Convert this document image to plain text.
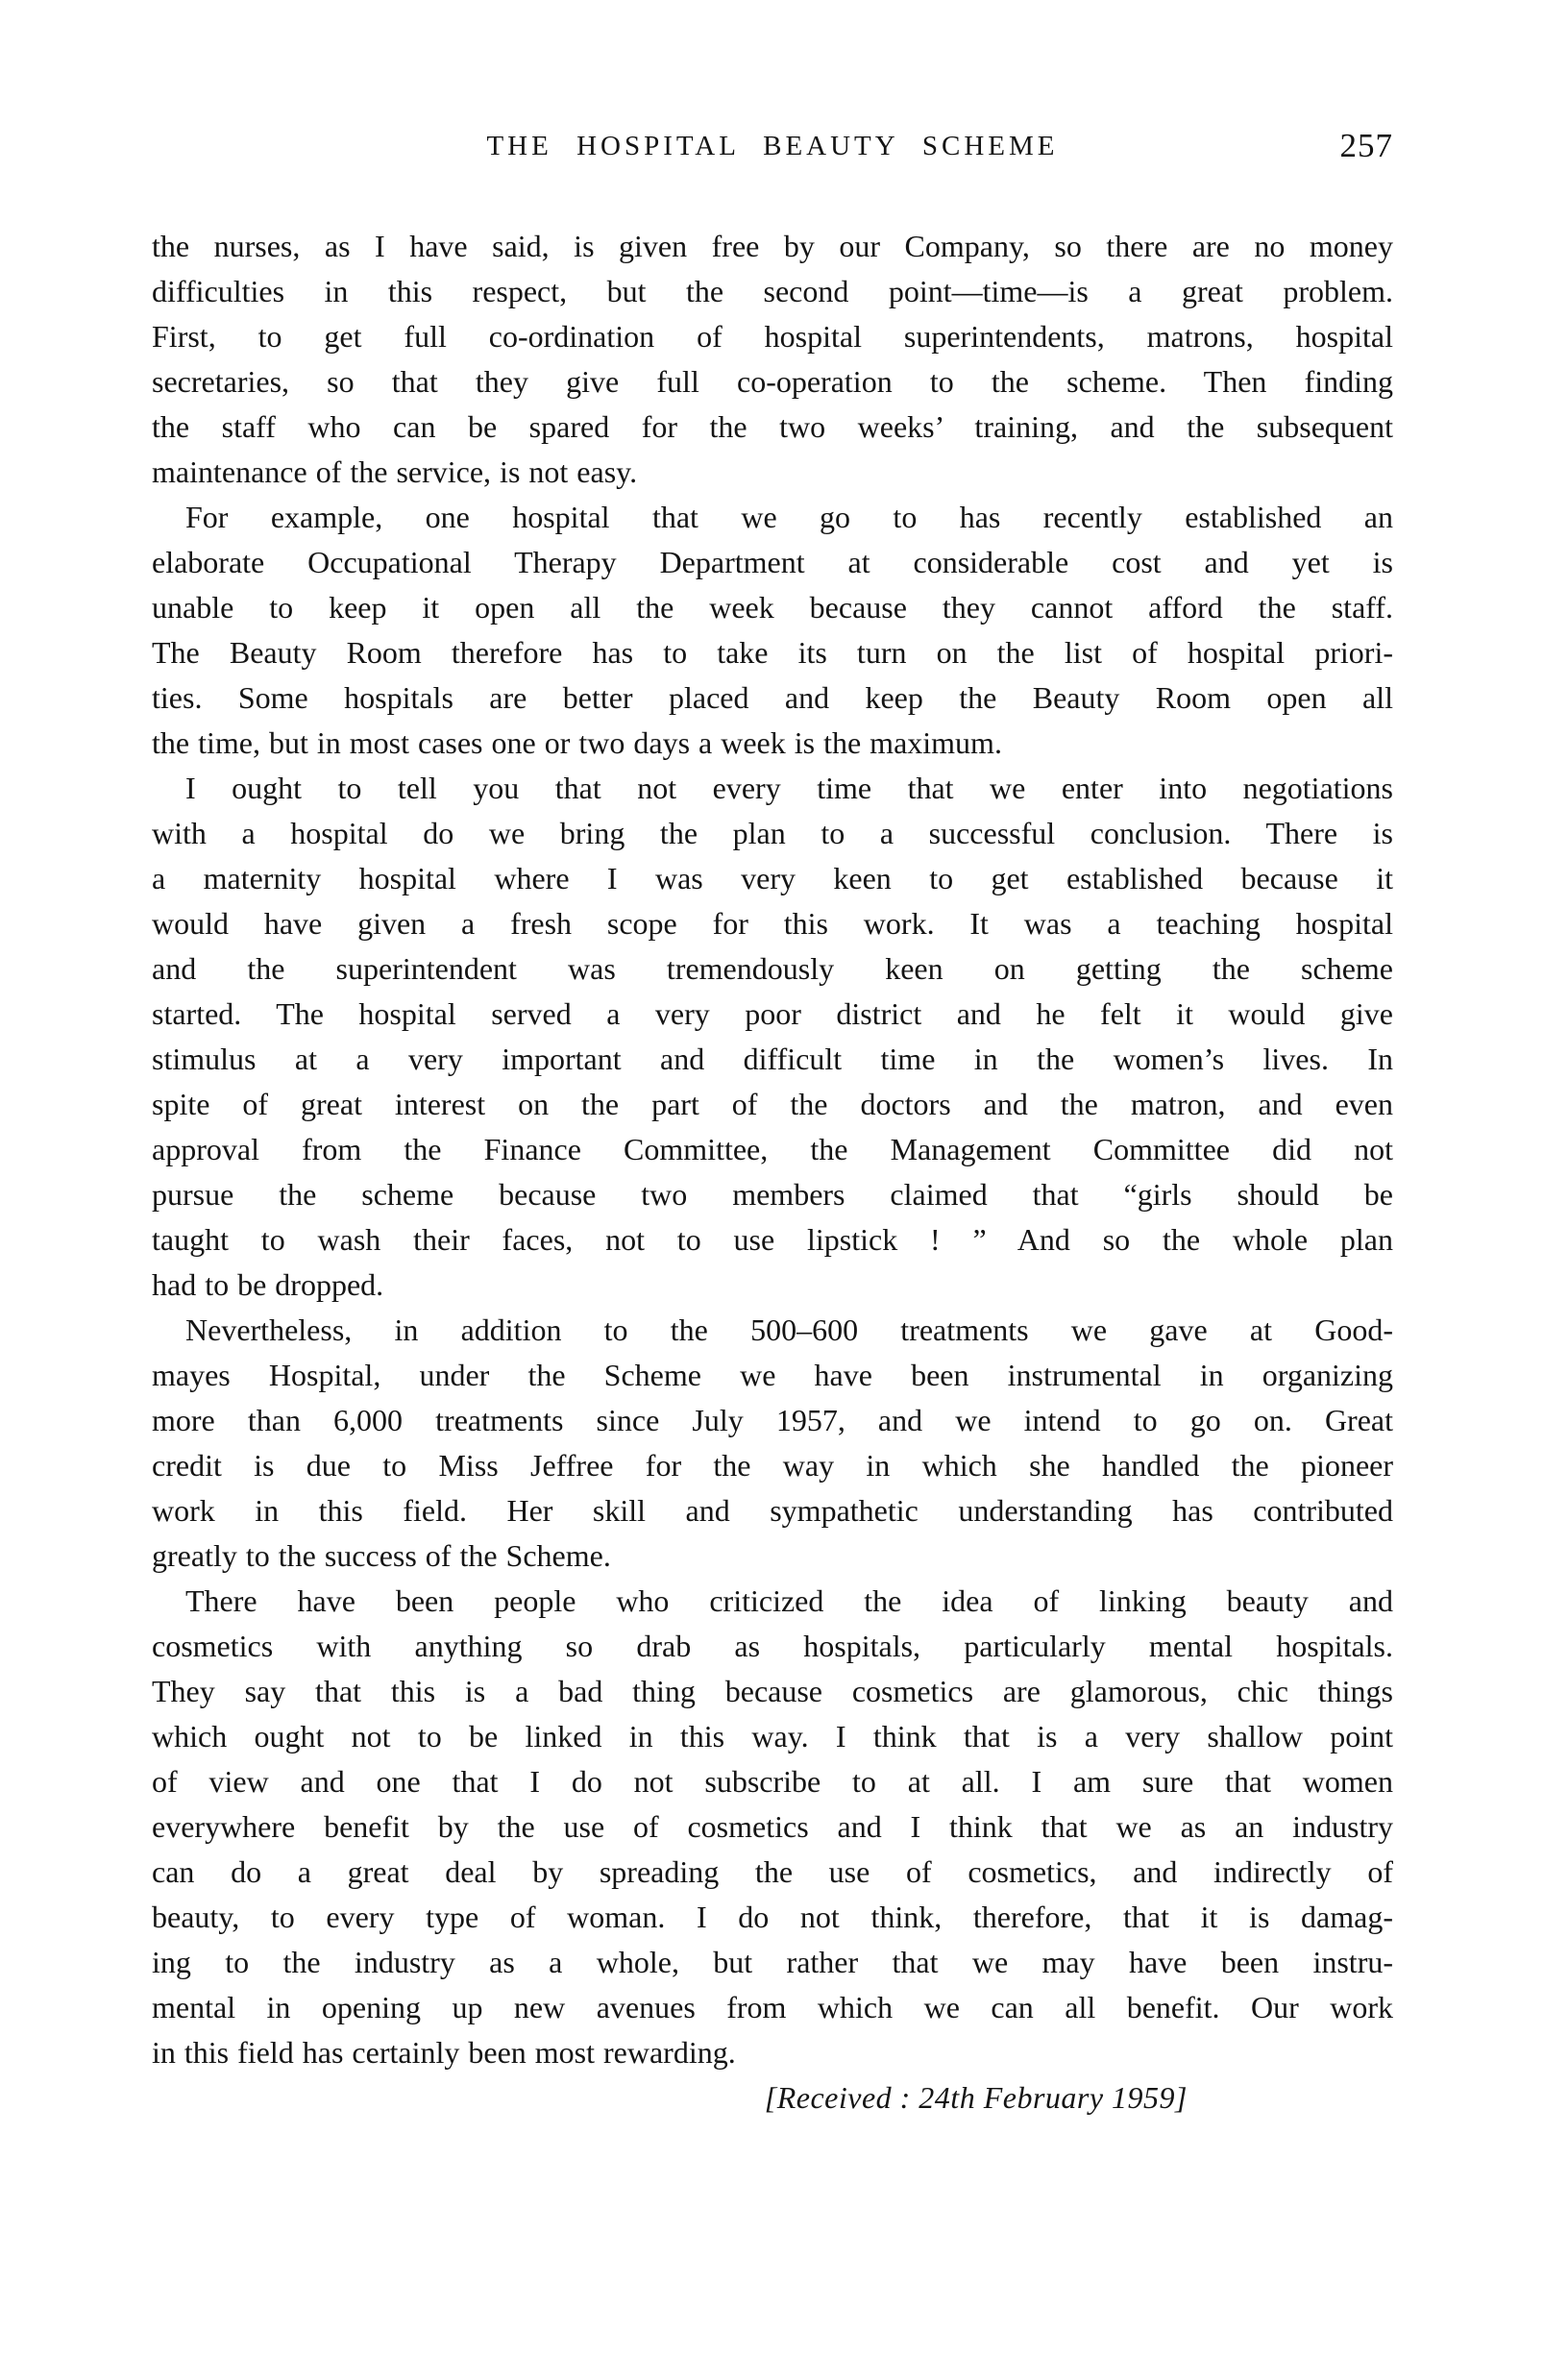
THE HOSPITAL BEAUTY SCHEME	257
the nurses, as I have said, is given free by our Company, so there are no money
difficulties in this respect, but the second point—time—is a great problem.
First, to get full co-ordination of hospital superintendents, matrons, hospital
secretaries, so that they give full co-operation to the scheme. Then finding
the staff who can be spared for the two weeks’ training, and the subsequent
maintenance of the service, is not easy.
For example, one hospital that we go to has recently established an
elaborate Occupational Therapy Department at considerable cost and yet is
unable to keep it open all the week because they cannot afford the staff.
The Beauty Room therefore has to take its turn on the list of hospital priori-
ties. Some hospitals are better placed and keep the Beauty Room open all
the time, but in most cases one or two days a week is the maximum.
I ought to tell you that not every time that we enter into negotiations
with a hospital do we bring the plan to a successful conclusion. There is
a maternity hospital where I was very keen to get established because it
would have given a fresh scope for this work. It was a teaching hospital
and the superintendent was tremendously keen on getting the scheme
started. The hospital served a very poor district and he felt it would give
stimulus at a very important and difficult time in the women’s lives. In
spite of great interest on the part of the doctors and the matron, and even
approval from the Finance Committee, the Management Committee did not
pursue the scheme because two members claimed that “girls should be
taught to wash their faces, not to use lipstick ! ” And so the whole plan
had to be dropped.
Nevertheless, in addition to the 500–600 treatments we gave at Good-
mayes Hospital, under the Scheme we have been instrumental in organizing
more than 6,000 treatments since July 1957, and we intend to go on. Great
credit is due to Miss Jeffree for the way in which she handled the pioneer
work in this field. Her skill and sympathetic understanding has contributed
greatly to the success of the Scheme.
There have been people who criticized the idea of linking beauty and
cosmetics with anything so drab as hospitals, particularly mental hospitals.
They say that this is a bad thing because cosmetics are glamorous, chic things
which ought not to be linked in this way. I think that is a very shallow point
of view and one that I do not subscribe to at all. I am sure that women
everywhere benefit by the use of cosmetics and I think that we as an industry
can do a great deal by spreading the use of cosmetics, and indirectly of
beauty, to every type of woman. I do not think, therefore, that it is damag-
ing to the industry as a whole, but rather that we may have been instru-
mental in opening up new avenues from which we can all benefit. Our work
in this field has certainly been most rewarding.
[Received : 24th February 1959]
